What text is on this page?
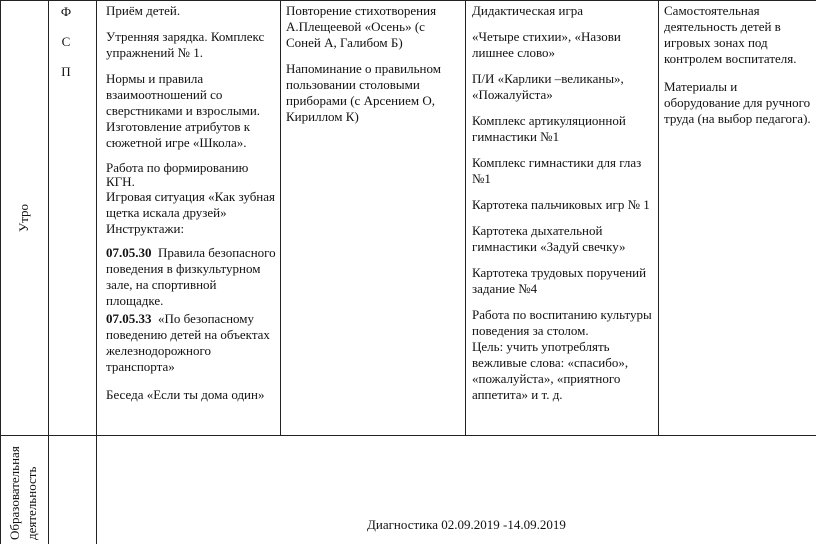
Утро
Образовательная деятельность
Ф
С
П

Приём детей.

Утренняя зарядка. Комплекс упражнений № 1.

Нормы и правила взаимоотношений со сверстниками и взрослыми. Изготовление атрибутов к сюжетной игре «Школа».

Работа по формированию КГН.

Игровая ситуация «Как зубная щетка искала друзей»

Инструктажи:

07.05.30 Правила безопасного поведения в физкультурном зале, на спортивной площадке.

07.05.33 «По безопасному поведению детей на объектах железнодорожного транспорта»

Беседа «Если ты дома один»

Повторение стихотворения А.Плещеевой «Осень» (с Соней А, Галибом Б)

Напоминание о правильном пользовании столовыми приборами (с Арсением О, Кириллом К)

Дидактическая игра

«Четыре стихии», «Назови лишнее слово»

П/И «Карлики –великаны», «Пожалуйста»

Комплекс артикуляционной гимнастики №1

Комплекс гимнастики для глаз №1

Картотека пальчиковых игр № 1

Картотека дыхательной гимнастики «Задуй свечку»

Картотека трудовых поручений задание №4

Работа по воспитанию культуры поведения за столом.

Цель: учить употреблять вежливые слова: «спасибо», «пожалуйста», «приятного аппетита» и т. д.

Самостоятельная деятельность детей в игровых зонах под контролем воспитателя.

Материалы и оборудование для ручного труда (на выбор педагога).

Диагностика 02.09.2019 -14.09.2019
